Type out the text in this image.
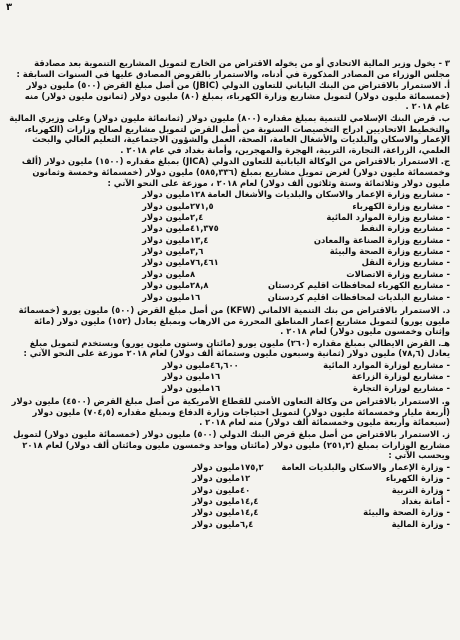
٣

٣ - يخول وزير المالية الاتحادي أو من يخوله الاقتراض من الخارج لتمويل المشاريع التنموية بعد مصادقة مجلس الوزراء من المصادر المذكورة في أدناه، والاستمرار بالقروض المصادق عليها في السنوات السابقة :

أ. الاستمرار بالاقتراض من البنك الياباني للتعاون الدولي (JBIC) من أصل مبلغ القرض (٥٠٠) مليون دولار (خمسمائة مليون دولار) لتمويل مشاريع وزارة الكهرباء، بمبلغ (٨٠) مليون دولار (ثمانون مليون دولار) منه عام ٢٠١٨ .

ب. قرض البنك الإسلامي للتنمية بمبلغ مقداره (٨٠٠) مليون دولار (ثمانمائة مليون دولار) وعلى وزيري المالية والتخطيط الاتحاديين ادراج التخصيصات السنوية من أصل القرض لتمويل مشاريع لصالح وزارات (الكهرباء، الإعمار والاسكان والبلديات والأشغال العامة، الصحة، العمل والشؤون الاجتماعية، التعليم العالي والبحث العلمي، الزراعة، التجارة، التربية، الهجرة والمهجرين، وأمانة بغداد في عام ٢٠١٨ .

ج. الاستمرار بالاقتراض من الوكالة اليابانية للتعاون الدولي (JICA) بمبلغ مقداره (١٥٠٠) مليون دولار (ألف وخمسمائة مليون دولار) لغرض تمويل مشاريع بمبلغ (٥٨٥,٣٣٦) مليون دولار (خمسمائة وخمسة وثمانون مليون دولار وثلاثمائة وستة وثلاثون ألف دولار) لعام ٢٠١٨ ، موزعة على النحو الآتي :

- مشاريع وزارة الإعمار والاسكان والبلديات والأشغال العامة
١٢٨
مليون دولار
- مشاريع وزارة الكهرباء
٢٧١,٥
مليون دولار
- مشاريع وزارة الموارد المائية
٢,٤
مليون دولار
- مشاريع وزارة النفط
٤١,٣٧٥
مليون دولار
- مشاريع وزارة الصناعة والمعادن
١٣,٤
مليون دولار
- مشاريع وزارة الصحة والبيئة
٣,٦
مليون دولار
- مشاريع وزارة النقل
٧٦,٤٦١
مليون دولار
- مشاريع وزارة الاتصالات
٨
مليون دولار
- مشاريع الكهرباء لمحافظات اقليم كردستان
٢٨,٨
مليون دولار
- مشاريع البلديات لمحافظات اقليم كردستان
١٦
مليون دولار

د. الاستمرار بالاقتراض من بنك التنمية الالماني (KFW) من أصل مبلغ القرض (٥٠٠) مليون يورو (خمسمائة مليون يورو) لتمويل مشاريع إعمار المناطق المحررة من الارهاب وبمبلغ يعادل (١٥٢) مليون دولار (مائة وإثنان وخمسون مليون دولار) لعام ٢٠١٨ .

هـ. القرض الايطالي بمبلغ مقداره (٢٦٠) مليون يورو (مائتان وستون مليون يورو) ويستخدم لتمويل مبلغ يعادل (٧٨,٦) مليون دولار (ثمانية وسبعون مليون وستمائة ألف دولار) لعام ٢٠١٨ موزعة على النحو الآتي :

- مشاريع لوزارة الموارد المائية
٤٦,٦٠٠
مليون دولار
- مشاريع لوزارة الزراعة
١٦
مليون دولار
- مشاريع لوزارة التجارة
١٦
مليون دولار

و. الاستمرار بالاقتراض من وكالة التعاون الأمني للقطاع الأمريكية من أصل مبلغ القرض (٤٥٠٠) مليون دولار (أربعة مليار وخمسمائة مليون دولار) لتمويل احتياجات وزارة الدفاع وبمبلغ مقداره (٧٠٤,٥) مليون دولار (سبعمائة وأربعة مليون وخمسمائة ألف دولار) منه لعام ٢٠١٨ .

ز. الاستمرار بالاقتراض من أصل مبلغ قرض البنك الدولي (٥٠٠) مليون دولار (خمسمائة مليون دولار) لتمويل مشاريع الوزارات بمبلغ (٢٥١,٢) مليون دولار (مائتان وواحد وخمسون مليون ومائتان ألف دولار) لعام ٢٠١٨ ويحسب الآتي :

- وزارة الإعمار والاسكان والبلديات العامة
١٧٥,٢
مليون دولار
- وزارة الكهرباء
١٢
مليون دولار
- وزارة التربية
٤٠
مليون دولار
- أمانة بغداد
١٤,٤
مليون دولار
- وزارة الصحة والبيئة
١٤,٤
مليون دولار
- وزارة المالية
٦,٤
مليون دولار
